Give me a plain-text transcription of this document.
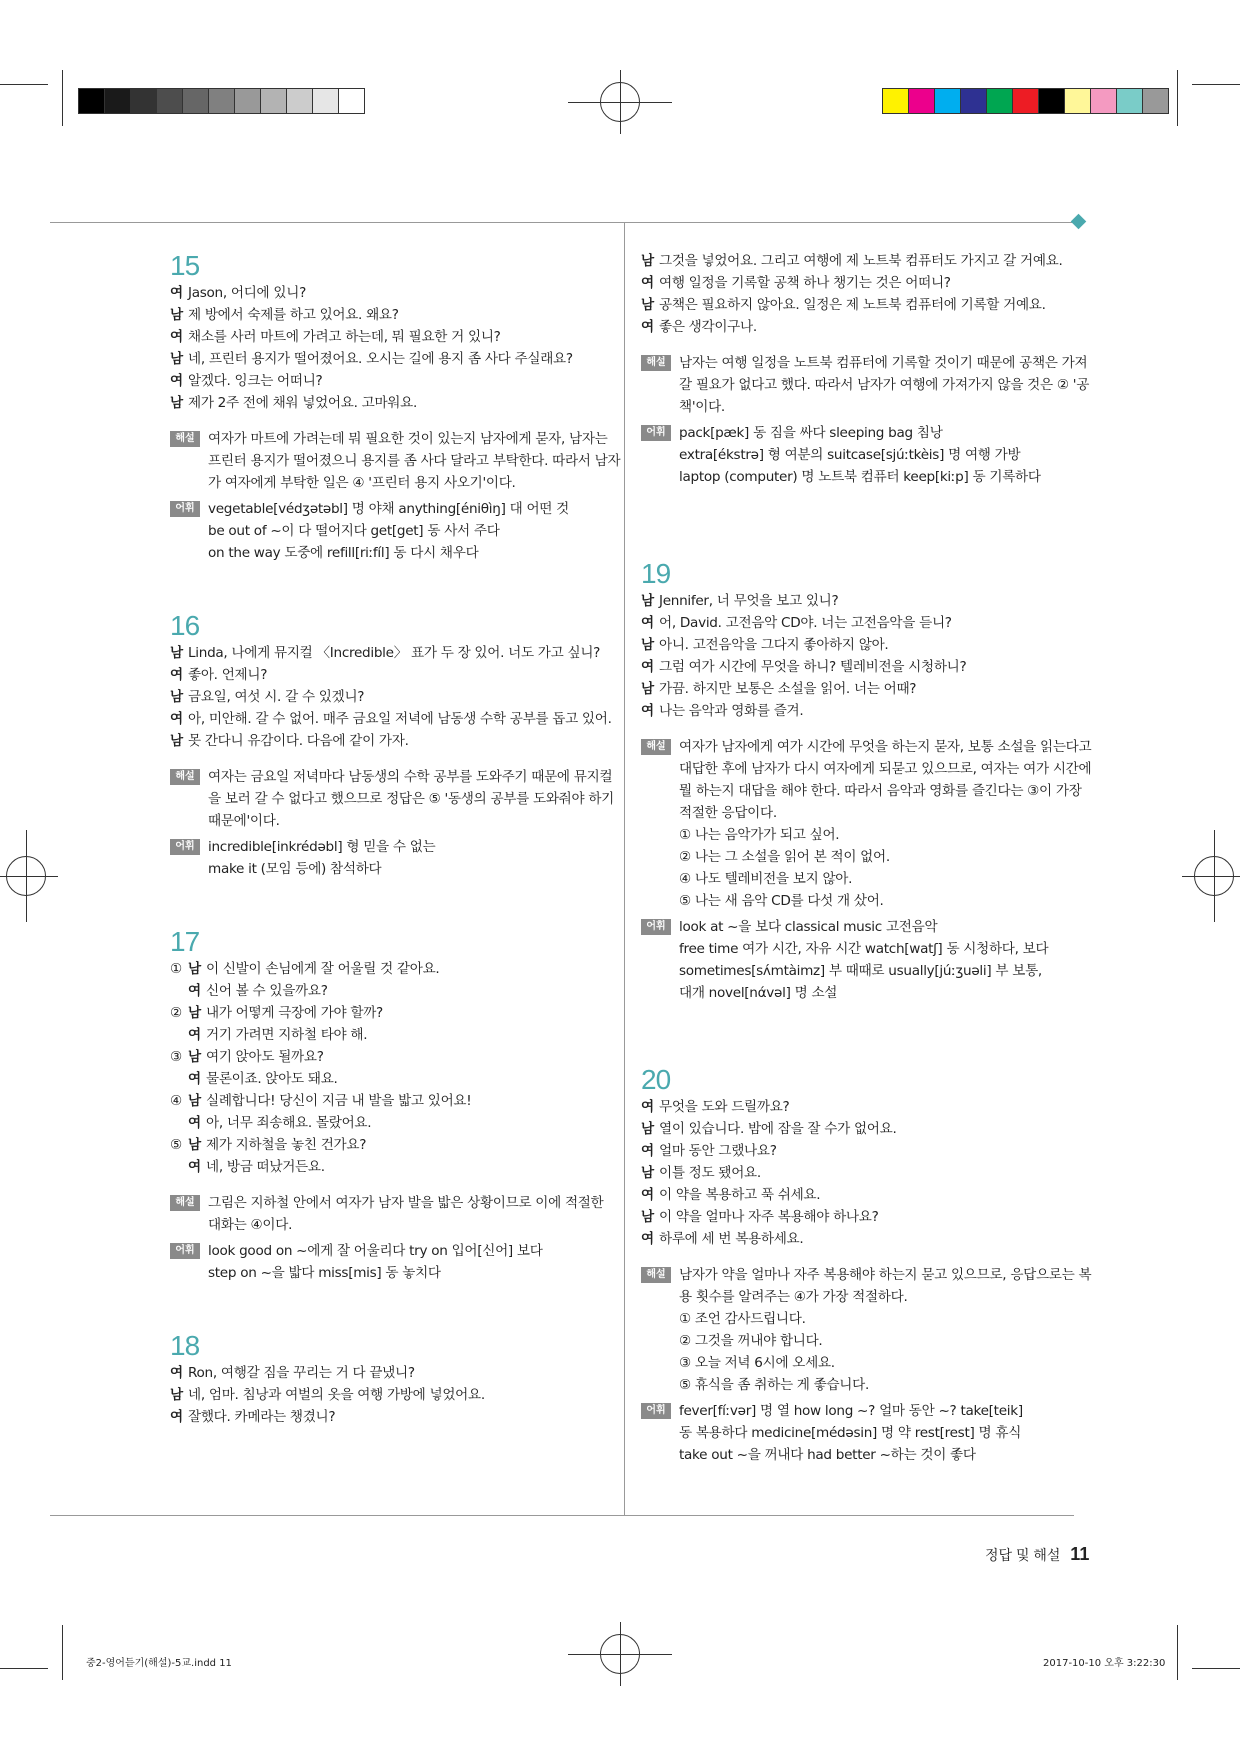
15
여 Jason, 어디에 있니?
남 제 방에서 숙제를 하고 있어요. 왜요?
여 채소를 사러 마트에 가려고 하는데, 뭐 필요한 거 있니?
남 네, 프린터 용지가 떨어졌어요. 오시는 길에 용지 좀 사다 주실래요?
여 알겠다. 잉크는 어떠니?
남 제가 2주 전에 채워 넣었어요. 고마워요.
해설 여자가 마트에 가려는데 뭐 필요한 것이 있는지 남자에게 묻자, 남자는
프린터 용지가 떨어졌으니 용지를 좀 사다 달라고 부탁한다. 따라서 남자
가 여자에게 부탁한 일은 ④ '프린터 용지 사오기'이다.
어휘 vegetable[védʒətəbl] 명 야채 anything[éniθìŋ] 대 어떤 것
be out of ~이 다 떨어지다 get[get] 동 사서 주다
on the way 도중에 refill[riːfíl] 동 다시 채우다
16
남 Linda, 나에게 뮤지컬 〈Incredible〉 표가 두 장 있어. 너도 가고 싶니?
여 좋아. 언제니?
남 금요일, 여섯 시. 갈 수 있겠니?
여 아, 미안해. 갈 수 없어. 매주 금요일 저녁에 남동생 수학 공부를 돕고 있어.
남 못 간다니 유감이다. 다음에 같이 가자.
해설 여자는 금요일 저녁마다 남동생의 수학 공부를 도와주기 때문에 뮤지컬
을 보러 갈 수 없다고 했으므로 정답은 ⑤ '동생의 공부를 도와줘야 하기
때문에'이다.
어휘 incredible[inkrédəbl] 형 믿을 수 없는
make it (모임 등에) 참석하다
17
① 남 이 신발이 손님에게 잘 어울릴 것 같아요.
여 신어 볼 수 있을까요?
② 남 내가 어떻게 극장에 가야 할까?
여 거기 가려면 지하철 타야 해.
③ 남 여기 앉아도 될까요?
여 물론이죠. 앉아도 돼요.
④ 남 실례합니다! 당신이 지금 내 발을 밟고 있어요!
여 아, 너무 죄송해요. 몰랐어요.
⑤ 남 제가 지하철을 놓친 건가요?
여 네, 방금 떠났거든요.
해설 그림은 지하철 안에서 여자가 남자 발을 밟은 상황이므로 이에 적절한
대화는 ④이다.
어휘 look good on ~에게 잘 어울리다 try on 입어[신어] 보다
step on ~을 밟다 miss[mis] 동 놓치다
18
여 Ron, 여행갈 짐을 꾸리는 거 다 끝냈니?
남 네, 엄마. 침낭과 여벌의 옷을 여행 가방에 넣었어요.
여 잘했다. 카메라는 챙겼니?
남 그것을 넣었어요. 그리고 여행에 제 노트북 컴퓨터도 가지고 갈 거예요.
여 여행 일정을 기록할 공책 하나 챙기는 것은 어떠니?
남 공책은 필요하지 않아요. 일정은 제 노트북 컴퓨터에 기록할 거예요.
여 좋은 생각이구나.
해설 남자는 여행 일정을 노트북 컴퓨터에 기록할 것이기 때문에 공책은 가져
갈 필요가 없다고 했다. 따라서 남자가 여행에 가져가지 않을 것은 ② '공
책'이다.
어휘 pack[pæk] 동 짐을 싸다 sleeping bag 침낭
extra[ékstrə] 형 여분의 suitcase[sjúːtkèis] 명 여행 가방
laptop (computer) 명 노트북 컴퓨터 keep[kiːp] 동 기록하다
19
남 Jennifer, 너 무엇을 보고 있니?
여 어, David. 고전음악 CD야. 너는 고전음악을 듣니?
남 아니. 고전음악을 그다지 좋아하지 않아.
여 그럼 여가 시간에 무엇을 하니? 텔레비전을 시청하니?
남 가끔. 하지만 보통은 소설을 읽어. 너는 어때?
여 나는 음악과 영화를 즐겨.
해설 여자가 남자에게 여가 시간에 무엇을 하는지 묻자, 보통 소설을 읽는다고
대답한 후에 남자가 다시 여자에게 되묻고 있으므로, 여자는 여가 시간에
뭘 하는지 대답을 해야 한다. 따라서 음악과 영화를 즐긴다는 ③이 가장
적절한 응답이다.
① 나는 음악가가 되고 싶어.
② 나는 그 소설을 읽어 본 적이 없어.
④ 나도 텔레비전을 보지 않아.
⑤ 나는 새 음악 CD를 다섯 개 샀어.
어휘 look at ~을 보다 classical music 고전음악
free time 여가 시간, 자유 시간 watch[watʃ] 동 시청하다, 보다
sometimes[sʌ́mtàimz] 부 때때로 usually[júːʒuəli] 부 보통,
대개 novel[nάvəl] 명 소설
20
여 무엇을 도와 드릴까요?
남 열이 있습니다. 밤에 잠을 잘 수가 없어요.
여 얼마 동안 그랬나요?
남 이틀 정도 됐어요.
여 이 약을 복용하고 푹 쉬세요.
남 이 약을 얼마나 자주 복용해야 하나요?
여 하루에 세 번 복용하세요.
해설 남자가 약을 얼마나 자주 복용해야 하는지 묻고 있으므로, 응답으로는 복
용 횟수를 알려주는 ④가 가장 적절하다.
① 조언 감사드립니다.
② 그것을 꺼내야 합니다.
③ 오늘 저녁 6시에 오세요.
⑤ 휴식을 좀 취하는 게 좋습니다.
어휘 fever[fíːvər] 명 열 how long ~? 얼마 동안 ~? take[teik]
동 복용하다 medicine[médəsin] 명 약 rest[rest] 명 휴식
take out ~을 꺼내다 had better ~하는 것이 좋다
정답 및 해설 11
중2-영어듣기(해설)-5교.indd 11	2017-10-10 오후 3:22:30
